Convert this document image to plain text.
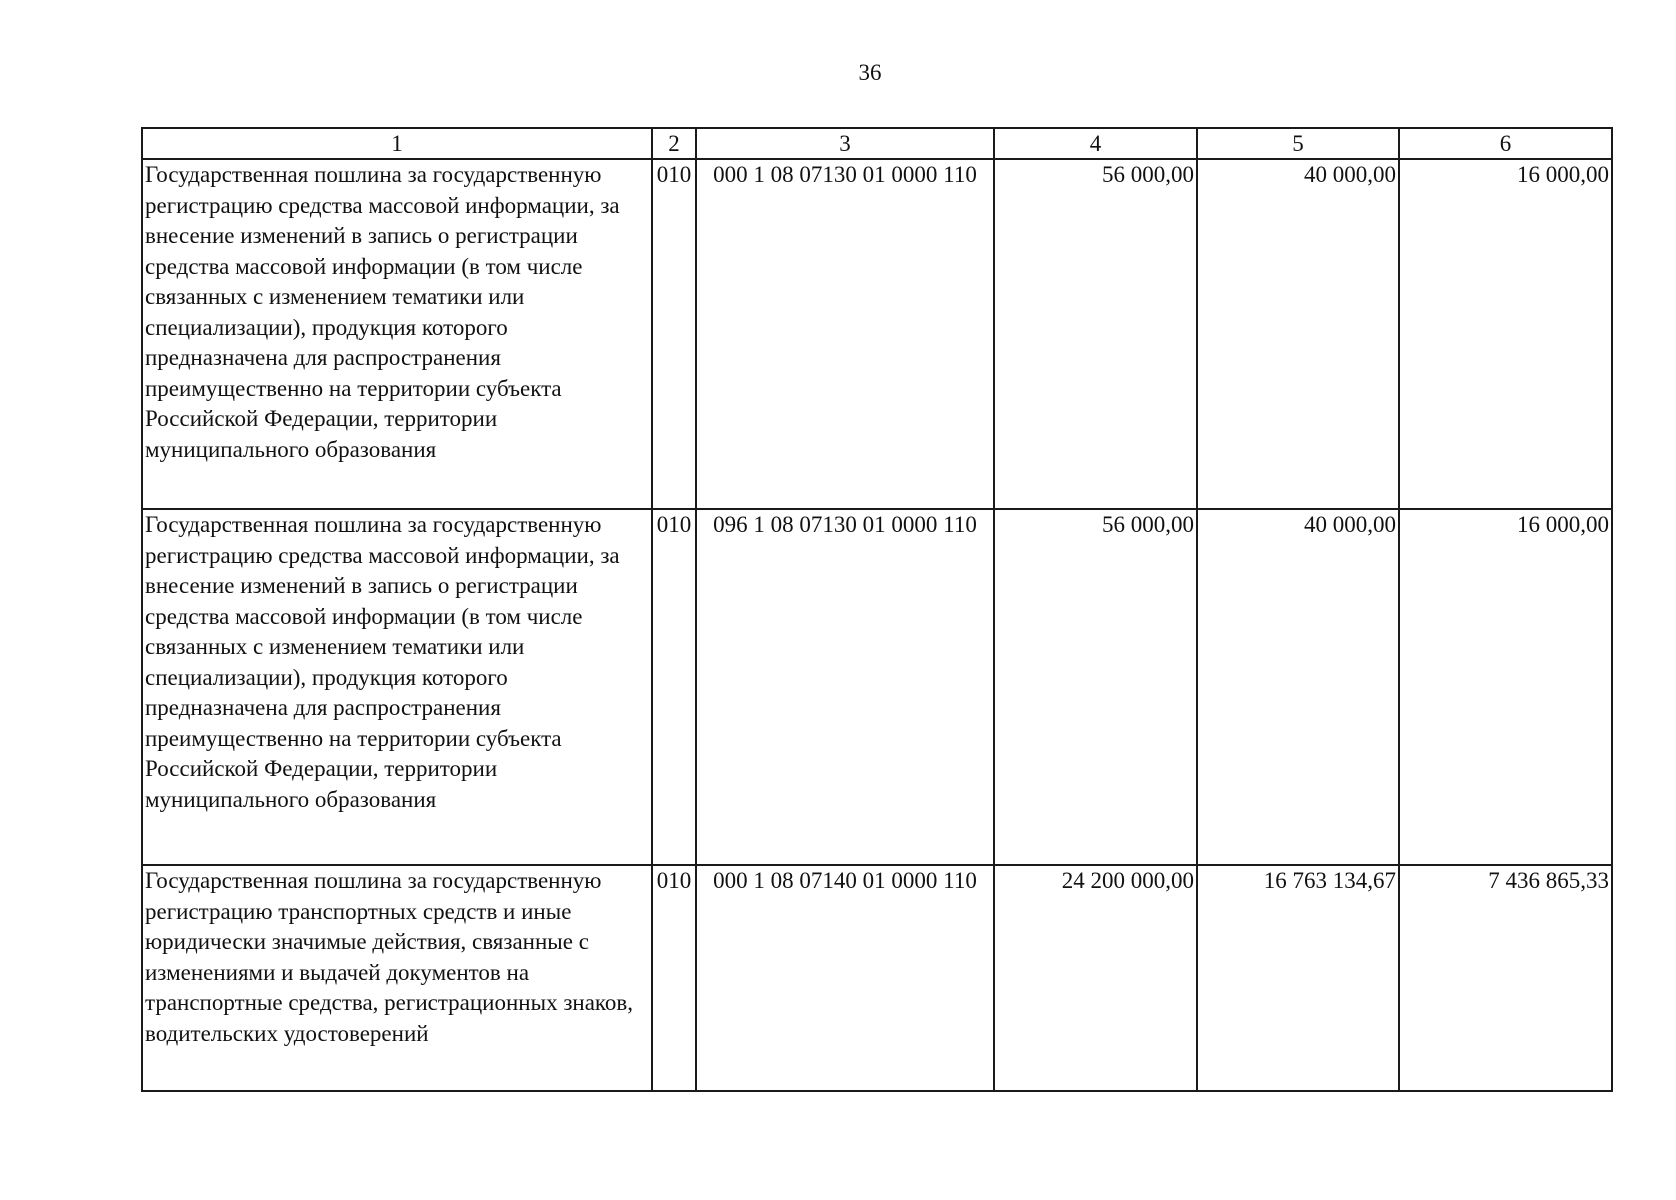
36
1	2	3	4	5	6
Государственная пошлина за государственную регистрацию средства массовой информации, за внесение изменений в запись о регистрации средства массовой информации (в том числе связанных с изменением тематики или специализации), продукция которого предназначена для распространения преимущественно на территории субъекта Российской Федерации, территории муниципального образования	010	000 1 08 07130 01 0000 110	56 000,00	40 000,00	16 000,00
Государственная пошлина за государственную регистрацию средства массовой информации, за внесение изменений в запись о регистрации средства массовой информации (в том числе связанных с изменением тематики или специализации), продукция которого предназначена для распространения преимущественно на территории субъекта Российской Федерации, территории муниципального образования	010	096 1 08 07130 01 0000 110	56 000,00	40 000,00	16 000,00
Государственная пошлина за государственную регистрацию транспортных средств и иные юридически значимые действия, связанные с изменениями и выдачей документов на транспортные средства, регистрационных знаков, водительских удостоверений	010	000 1 08 07140 01 0000 110	24 200 000,00	16 763 134,67	7 436 865,33
